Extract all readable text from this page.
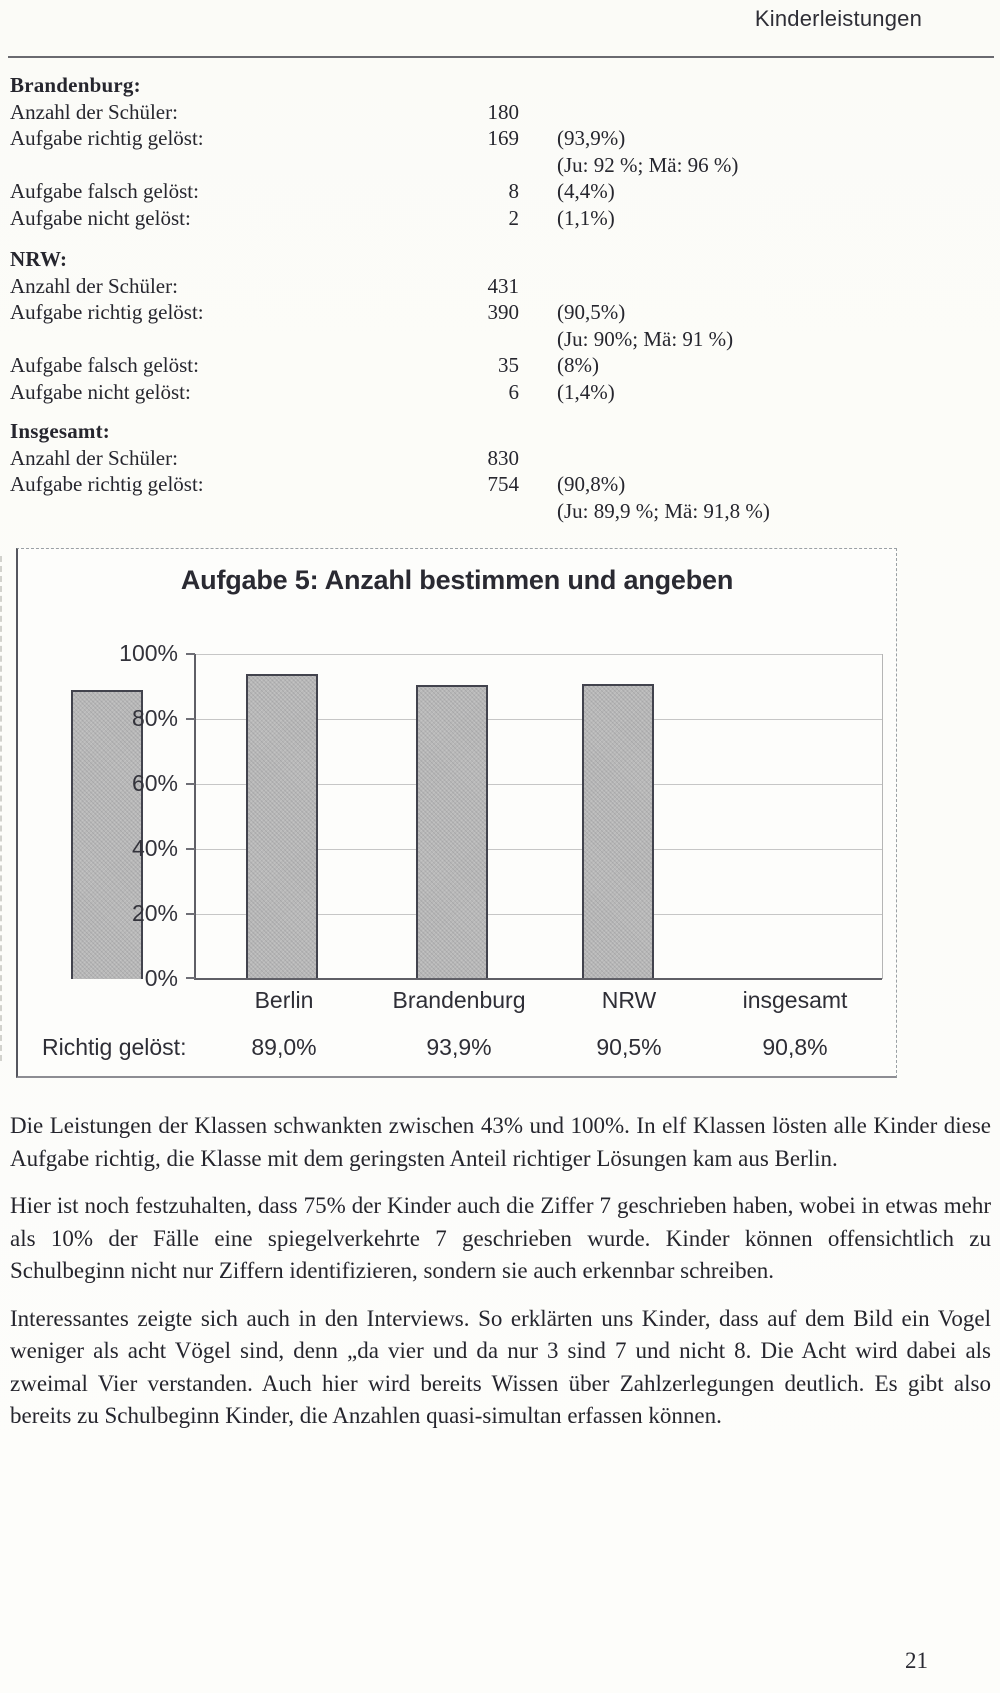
Kinderleistungen
Brandenburg:
Anzahl der Schüler:	180
Aufgabe richtig gelöst:	169	(93,9%)
(Ju: 92 %; Mä: 96 %)
Aufgabe falsch gelöst:	8	(4,4%)
Aufgabe nicht gelöst:	2	(1,1%)
NRW:
Anzahl der Schüler:	431
Aufgabe richtig gelöst:	390	(90,5%)
(Ju: 90%; Mä: 91 %)
Aufgabe falsch gelöst:	35	(8%)
Aufgabe nicht gelöst:	6	(1,4%)
Insgesamt:
Anzahl der Schüler:	830
Aufgabe richtig gelöst:	754	(90,8%)
(Ju: 89,9 %; Mä: 91,8 %)
Aufgabe 5: Anzahl bestimmen und angeben
100%
80%
60%
40%
20%
0%
Berlin	Brandenburg	NRW	insgesamt
Richtig gelöst:	89,0%	93,9%	90,5%	90,8%

Die Leistungen der Klassen schwankten zwischen 43% und 100%. In elf Klassen lösten alle Kinder diese Aufgabe richtig, die Klasse mit dem geringsten Anteil richtiger Lösungen kam aus Berlin.

Hier ist noch festzuhalten, dass 75% der Kinder auch die Ziffer 7 geschrieben haben, wobei in etwas mehr als 10% der Fälle eine spiegelverkehrte 7 geschrieben wurde. Kinder können offensichtlich zu Schulbeginn nicht nur Ziffern identifizieren, sondern sie auch erkennbar schreiben.

Interessantes zeigte sich auch in den Interviews. So erklärten uns Kinder, dass auf dem Bild ein Vogel weniger als acht Vögel sind, denn „da vier und da nur 3 sind 7 und nicht 8. Die Acht wird dabei als zweimal Vier verstanden. Auch hier wird bereits Wissen über Zahlzerlegungen deutlich. Es gibt also bereits zu Schulbeginn Kinder, die Anzahlen quasi-simultan erfassen können.

21
